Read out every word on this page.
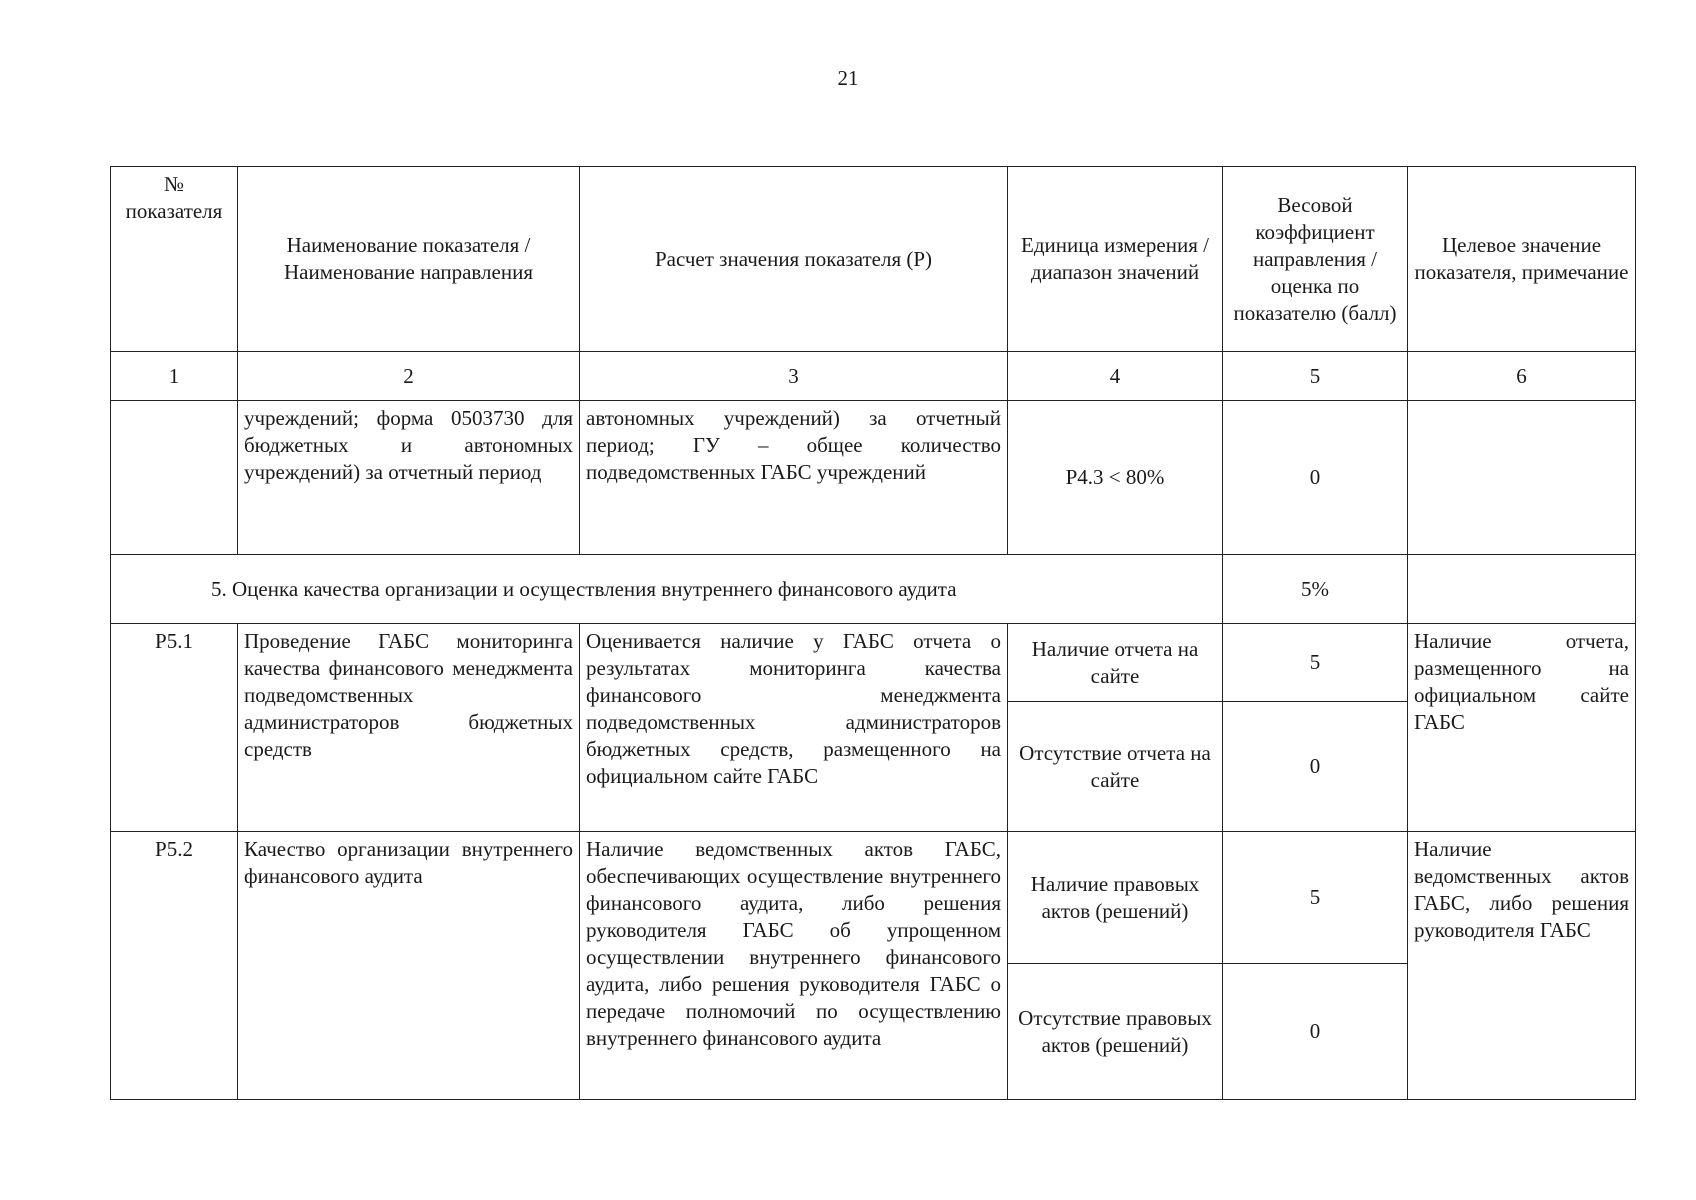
21
№ показателя	Наименование показателя / Наименование направления	Расчет значения показателя (Р)	Единица измерения / диапазон значений	Весовой коэффициент направления / оценка по показателю (балл)	Целевое значение показателя, примечание
1	2	3	4	5	6
	учреждений; форма 0503730 для бюджетных и автономных учреждений) за отчетный период	автономных учреждений) за отчетный период; ГУ – общее количество подведомственных ГАБС учреждений	Р4.3 < 80%	0	
5. Оценка качества организации и осуществления внутреннего финансового аудита				5%	
Р5.1	Проведение ГАБС мониторинга качества финансового менеджмента подведомственных администраторов бюджетных средств	Оценивается наличие у ГАБС отчета о результатах мониторинга качества финансового менеджмента подведомственных администраторов бюджетных средств, размещенного на официальном сайте ГАБС	Наличие отчета на сайте	5	Наличие отчета, размещенного на официальном сайте ГАБС
			Отсутствие отчета на сайте	0	
Р5.2	Качество организации внутреннего финансового аудита	Наличие ведомственных актов ГАБС, обеспечивающих осуществление внутреннего финансового аудита, либо решения руководителя ГАБС об упрощенном осуществлении внутреннего финансового аудита, либо решения руководителя ГАБС о передаче полномочий по осуществлению внутреннего финансового аудита	Наличие правовых актов (решений)	5	Наличие ведомственных актов ГАБС, либо решения руководителя ГАБС
			Отсутствие правовых актов (решений)	0	
